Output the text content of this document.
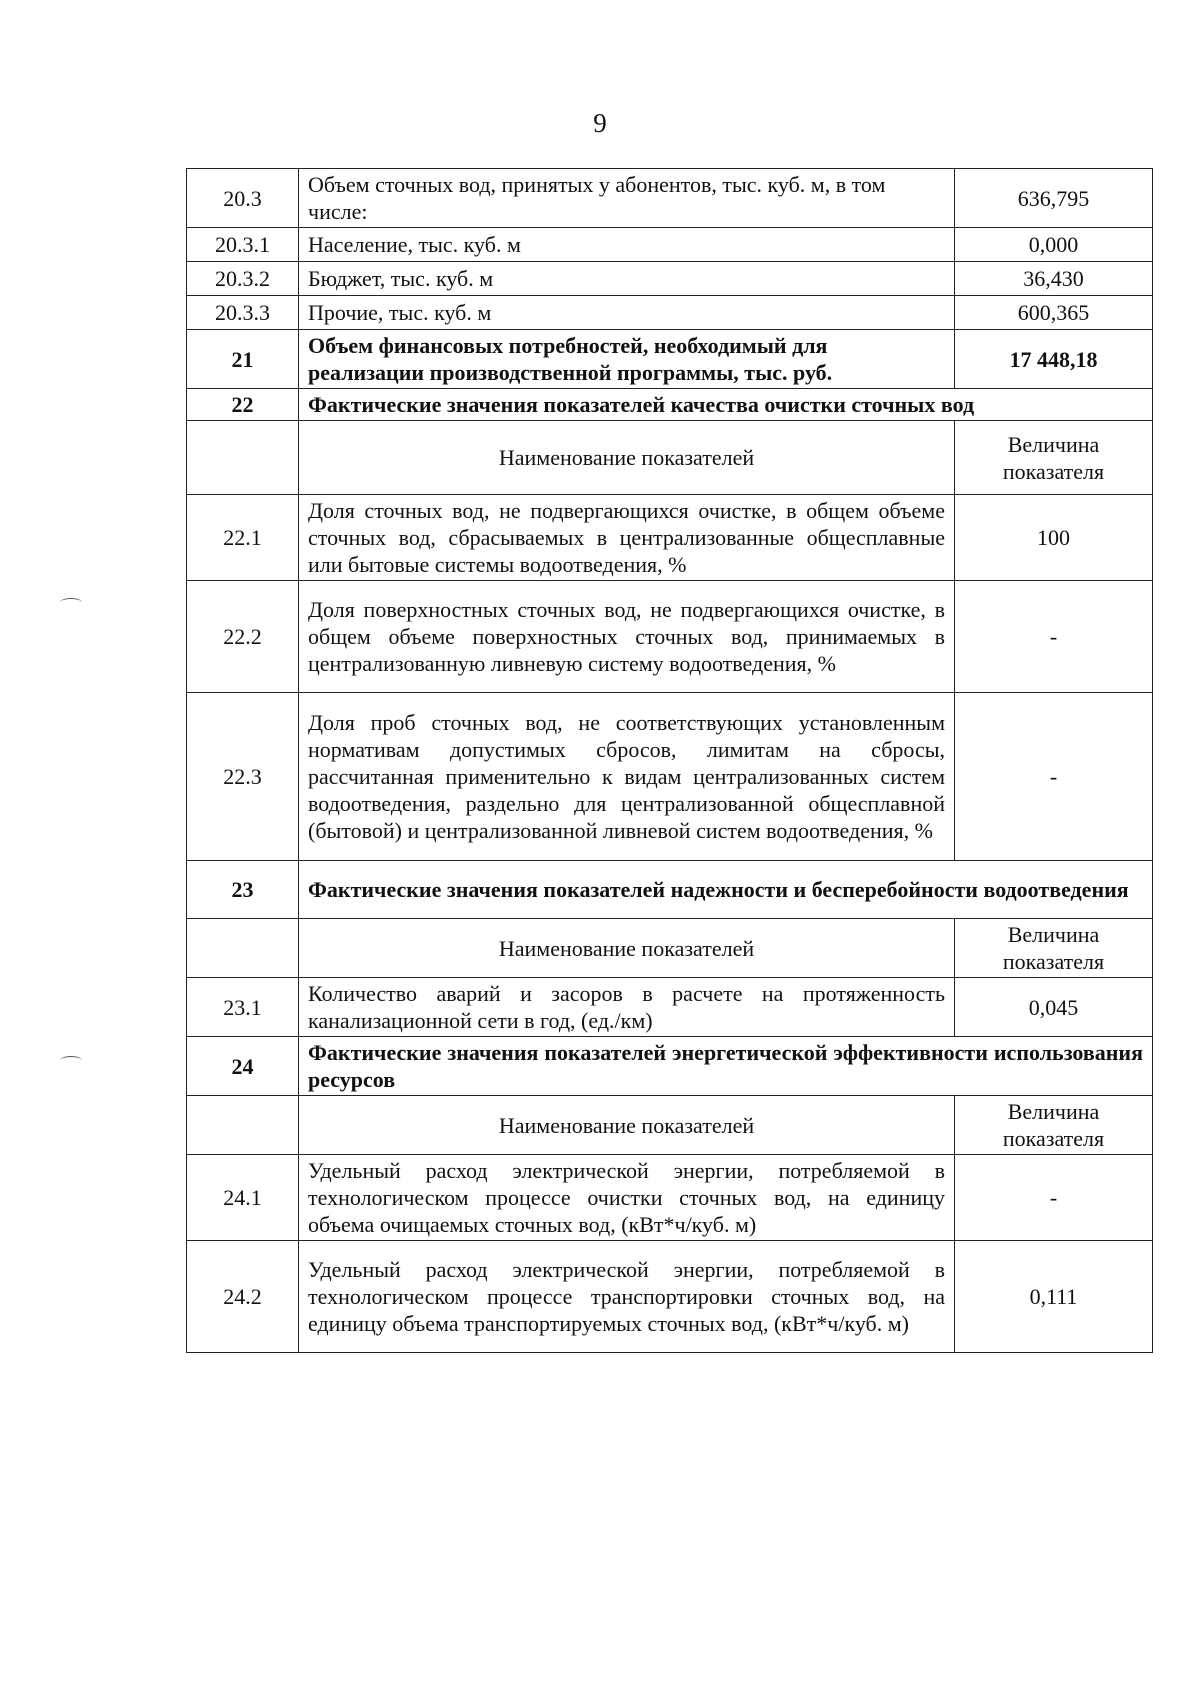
9
20.3	Объем сточных вод, принятых у абонентов, тыс. куб. м, в том числе:	636,795
20.3.1	Население, тыс. куб. м	0,000
20.3.2	Бюджет, тыс. куб. м	36,430
20.3.3	Прочие, тыс. куб. м	600,365
21	Объем финансовых потребностей, необходимый для реализации производственной программы, тыс. руб.	17 448,18
22	Фактические значения показателей качества очистки сточных вод	
	Наименование показателей	Величина показателя
22.1	Доля сточных вод, не подвергающихся очистке, в общем объеме сточных вод, сбрасываемых в централизованные общесплавные или бытовые системы водоотведения, %	100
22.2	Доля поверхностных сточных вод, не подвергающихся очистке, в общем объеме поверхностных сточных вод, принимаемых в централизованную ливневую систему водоотведения, %	-
22.3	Доля проб сточных вод, не соответствующих установленным нормативам допустимых сбросов, лимитам на сбросы, рассчитанная применительно к видам централизованных систем водоотведения, раздельно для централизованной общесплавной (бытовой) и централизованной ливневой систем водоотведения, %	-
23	Фактические значения показателей надежности и бесперебойности водоотведения	
	Наименование показателей	Величина показателя
23.1	Количество аварий и засоров в расчете на протяженность канализационной сети в год, (ед./км)	0,045
24	Фактические значения показателей энергетической эффективности использования ресурсов	
	Наименование показателей	Величина показателя
24.1	Удельный расход электрической энергии, потребляемой в технологическом процессе очистки сточных вод, на единицу объема очищаемых сточных вод, (кВт*ч/куб. м)	-
24.2	Удельный расход электрической энергии, потребляемой в технологическом процессе транспортировки сточных вод, на единицу объема транспортируемых сточных вод, (кВт*ч/куб. м)	0,111
